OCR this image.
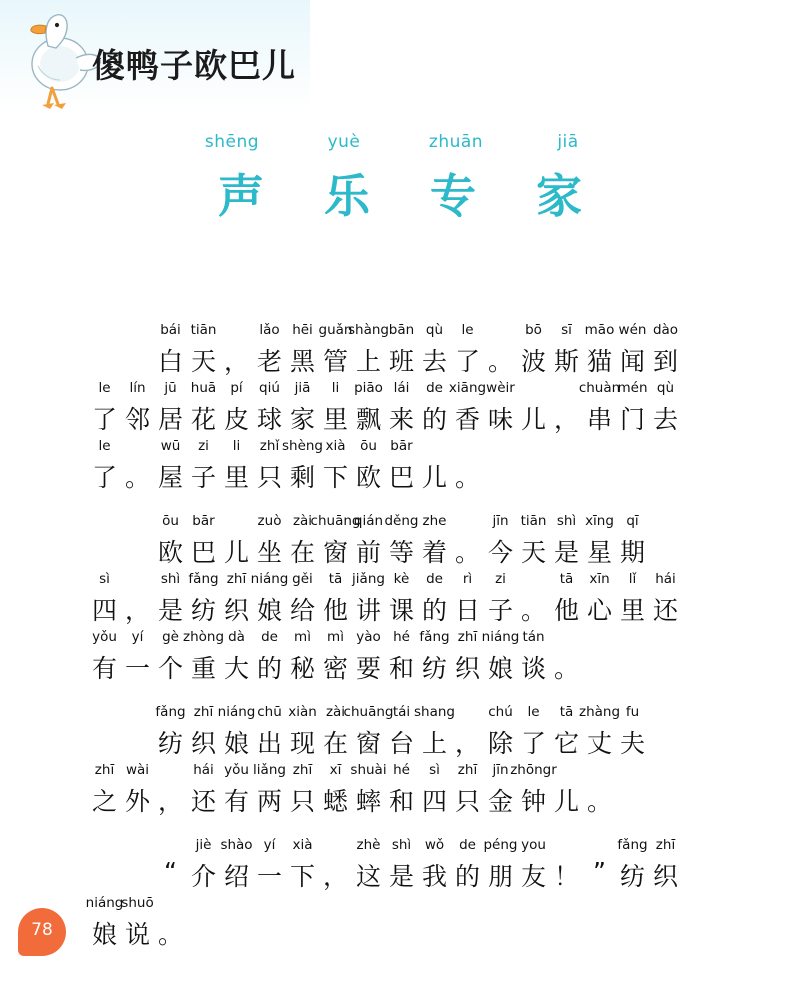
傻鸭子欧巴儿
shēng	yuè	zhuān	jiā
声 乐 专 家
bái tiān	lǎo hēi guǎn
shàng bān qù le	bō sī māo wén dào
白 天 ， 老 黑 管 上 班 去 了 。 波 斯 猫 闻 到
le lín jū huā pí qiú jiā li piāo lái de xiāng wèir	chuàn
mén qù
了 邻 居 花 皮 球 家 里 飘 来 的 香 味 儿 ， 串 门 去
le	wū zi li zhǐ shèng xià ōu bār
了 。 屋 子 里 只 剩 下 欧 巴 儿 。
ōu bār	zuò zài
chuāng
qián děng zhe	jīn tiān shì xīng qī
欧 巴 儿 坐 在 窗 前 等 着 。 今 天 是 星 期
sì	shì fǎng zhī niáng gěi tā jiǎng kè de rì zi	tā xīn lǐ hái
四 ， 是 纺 织 娘 给 他 讲 课 的 日 子 。 他 心 里 还
yǒu yí gè zhòng dà de mì mì yào hé fǎng zhī niáng tán
有 一 个 重 大 的 秘 密 要 和 纺 织 娘 谈 。
fǎng zhī niáng chū xiàn zài
chuāng tái shang chú le tā zhàng fu
纺 织 娘 出 现 在 窗 台 上 ， 除 了 它 丈 夫
zhī wài	hái yǒu liǎng zhī xī shuài hé sì zhī jīn zhōngr
之 外 ， 还 有 两 只 蟋 蟀 和 四 只 金 钟 儿 。
jiè shào yí xià	zhè shì wǒ de péng you	fǎng zhī
“ 介 绍 一 下 ， 这 是 我 的 朋 友 ！ ” 纺 织
niáng
shuō
娘 说 。
78
